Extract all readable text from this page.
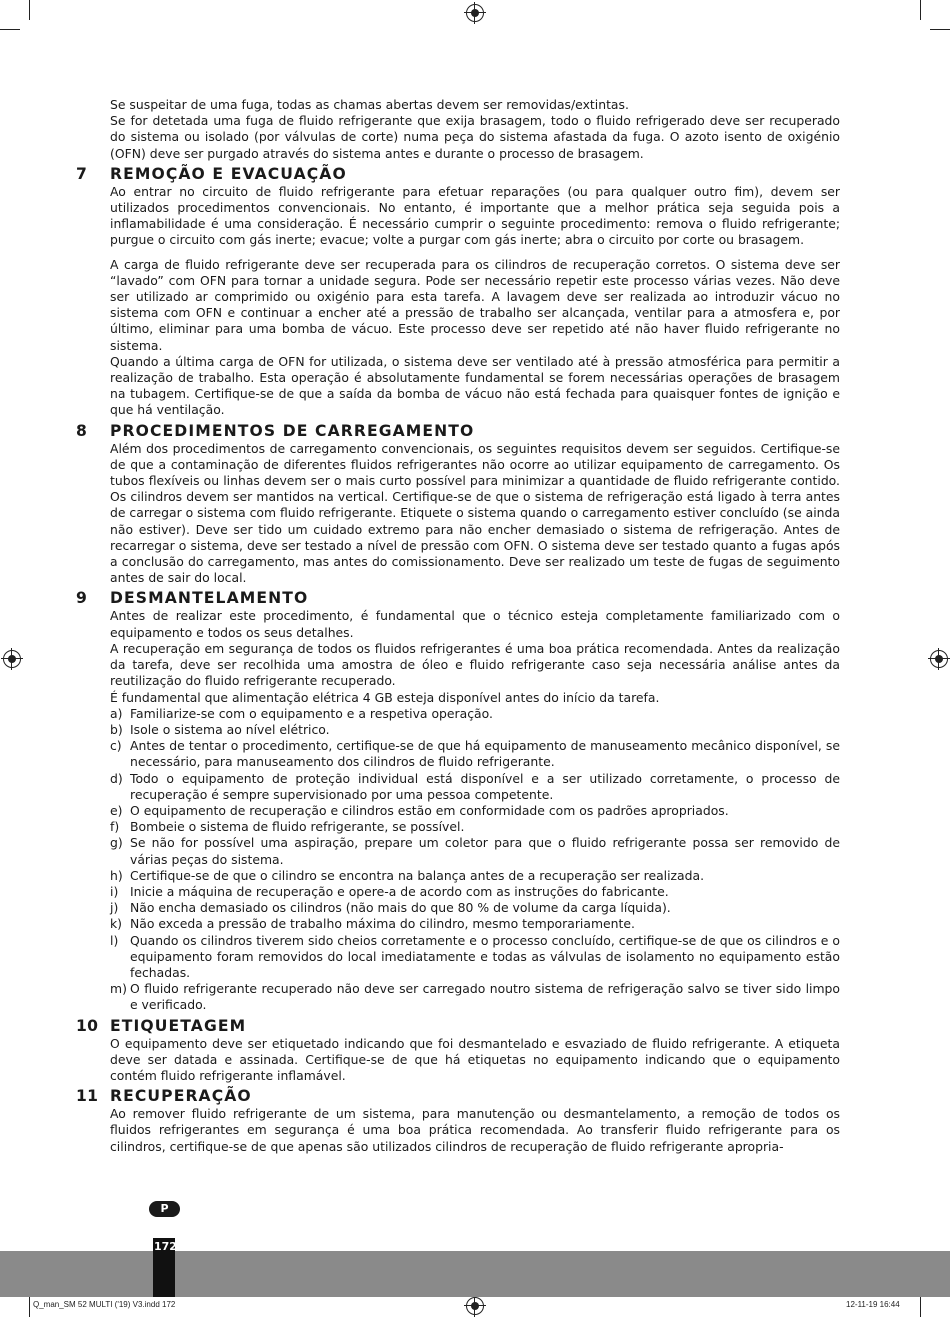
Se suspeitar de uma fuga, todas as chamas abertas devem ser removidas/extintas.

Se for detetada uma fuga de fluido refrigerante que exija brasagem, todo o fluido refrigerado deve ser recuperado do sistema ou isolado (por válvulas de corte) numa peça do sistema afastada da fuga. O azoto isento de oxigénio (OFN) deve ser purgado através do sistema antes e durante o processo de brasagem.

7	REMOÇÃO E EVACUAÇÃO

Ao entrar no circuito de fluido refrigerante para efetuar reparações (ou para qualquer outro fim), devem ser utilizados procedimentos convencionais. No entanto, é importante que a melhor prática seja seguida pois a inflamabilidade é uma consideração. É necessário cumprir o seguinte procedimento: remova o fluido refrigerante; purgue o circuito com gás inerte; evacue; volte a purgar com gás inerte; abra o circuito por corte ou brasagem.

A carga de fluido refrigerante deve ser recuperada para os cilindros de recuperação corretos. O sistema deve ser “lavado” com OFN para tornar a unidade segura. Pode ser necessário repetir este processo várias vezes. Não deve ser utilizado ar comprimido ou oxigénio para esta tarefa. A lavagem deve ser realizada ao introduzir vácuo no sistema com OFN e continuar a encher até a pressão de trabalho ser alcançada, ventilar para a atmosfera e, por último, eliminar para uma bomba de vácuo. Este processo deve ser repetido até não haver fluido refrigerante no sistema.

Quando a última carga de OFN for utilizada, o sistema deve ser ventilado até à pressão atmosférica para permitir a realização de trabalho. Esta operação é absolutamente fundamental se forem necessárias operações de brasagem na tubagem. Certifique-se de que a saída da bomba de vácuo não está fechada para quaisquer fontes de ignição e que há ventilação.

8	PROCEDIMENTOS DE CARREGAMENTO

Além dos procedimentos de carregamento convencionais, os seguintes requisitos devem ser seguidos. Certifique-se de que a contaminação de diferentes fluidos refrigerantes não ocorre ao utilizar equipamento de carregamento. Os tubos flexíveis ou linhas devem ser o mais curto possível para minimizar a quantidade de fluido refrigerante contido. Os cilindros devem ser mantidos na vertical. Certifique-se de que o sistema de refrigeração está ligado à terra antes de carregar o sistema com fluido refrigerante. Etiquete o sistema quando o carregamento estiver concluído (se ainda não estiver). Deve ser tido um cuidado extremo para não encher demasiado o sistema de refrigeração. Antes de recarregar o sistema, deve ser testado a nível de pressão com OFN. O sistema deve ser testado quanto a fugas após a conclusão do carregamento, mas antes do comissionamento. Deve ser realizado um teste de fugas de seguimento antes de sair do local.

9	DESMANTELAMENTO

Antes de realizar este procedimento, é fundamental que o técnico esteja completamente familiarizado com o equipamento e todos os seus detalhes.

A recuperação em segurança de todos os fluidos refrigerantes é uma boa prática recomendada. Antes da realização da tarefa, deve ser recolhida uma amostra de óleo e fluido refrigerante caso seja necessária análise antes da reutilização do fluido refrigerante recuperado.

É fundamental que alimentação elétrica 4 GB esteja disponível antes do início da tarefa.

a) Familiarize-se com o equipamento e a respetiva operação.
b) Isole o sistema ao nível elétrico.
c) Antes de tentar o procedimento, certifique-se de que há equipamento de manuseamento mecânico disponível, se necessário, para manuseamento dos cilindros de fluido refrigerante.
d) Todo o equipamento de proteção individual está disponível e a ser utilizado corretamente, o processo de recuperação é sempre supervisionado por uma pessoa competente.
e) O equipamento de recuperação e cilindros estão em conformidade com os padrões apropriados.
f) Bombeie o sistema de fluido refrigerante, se possível.
g) Se não for possível uma aspiração, prepare um coletor para que o fluido refrigerante possa ser removido de várias peças do sistema.
h) Certifique-se de que o cilindro se encontra na balança antes de a recuperação ser realizada.
i) Inicie a máquina de recuperação e opere-a de acordo com as instruções do fabricante.
j) Não encha demasiado os cilindros (não mais do que 80 % de volume da carga líquida).
k) Não exceda a pressão de trabalho máxima do cilindro, mesmo temporariamente.
l) Quando os cilindros tiverem sido cheios corretamente e o processo concluído, certifique-se de que os cilindros e o equipamento foram removidos do local imediatamente e todas as válvulas de isolamento no equipamento estão fechadas.
m) O fluido refrigerante recuperado não deve ser carregado noutro sistema de refrigeração salvo se tiver sido limpo e verificado.
10 ETIQUETAGEM

O equipamento deve ser etiquetado indicando que foi desmantelado e esvaziado de fluido refrigerante. A etiqueta deve ser datada e assinada. Certifique-se de que há etiquetas no equipamento indicando que o equipamento contém fluido refrigerante inflamável.

11 RECUPERAÇÃO

Ao remover fluido refrigerante de um sistema, para manutenção ou desmantelamento, a remoção de todos os fluidos refrigerantes em segurança é uma boa prática recomendada. Ao transferir fluido refrigerante para os cilindros, certifique-se de que apenas são utilizados cilindros de recuperação de fluido refrigerante apropria-

P
172
Q_man_SM 52 MULTI ('19) V3.indd 172	12-11-19 16:44
